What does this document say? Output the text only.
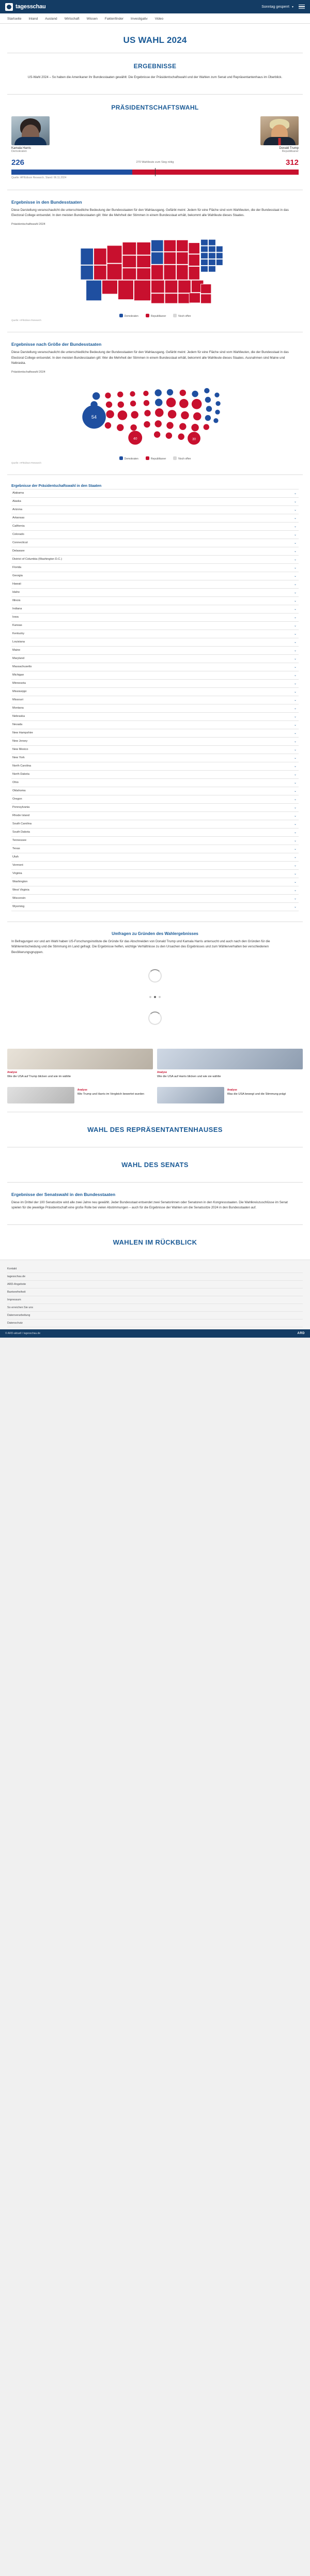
tagesschau	Sonntag gesperrt ▾
Startseite Inland Ausland Wirtschaft Wissen Faktenfinder Investigativ Video
US WAHL 2024
ERGEBNISSE

US-Wahl 2024 – So haben die Amerikaner ihr Bundesstaaten gewählt: Die Ergebnisse der Präsidentschaftswahl und der Wahlen zum Senat und Repräsentantenhaus im Überblick.

PRÄSIDENTSCHAFTSWAHL
Kamala Harris
Demokraten
Donald Trump
Republikaner
226	270 Wahlleute zum Sieg nötig	312
Quelle: AP/Edison Research, Stand: 06.11.2024
Ergebnisse in den Bundesstaaten

Diese Darstellung veranschaulicht die unterschiedliche Bedeutung der Bundesstaaten für den Wahlausgang. Gefärbt meint: Jedem für eine Fläche sind vom Wahlleuten, die der Bundesstaat in das Electoral College entsendet. In den meisten Bundesstaaten gilt: Wer die Mehrheit der Stimmen in einem Bundesstaat erhält, bekommt alle Wahlleute dieses Staates.

Präsidentschaftswahl 2024
Demokraten	Republikaner	Noch offen
Quelle: AP/Edison Research
Ergebnisse nach Größe der Bundesstaaten

Diese Darstellung veranschaulicht die unterschiedliche Bedeutung der Bundesstaaten für den Wahlausgang. Gefärbt meint: Jedem für eine Fläche sind vom Wahlleuten, die der Bundesstaat in das Electoral College entsendet. In den meisten Bundesstaaten gilt: Wer die Mehrheit der Stimmen in einem Bundesstaat erhält, bekommt alle Wahlleute dieses Staates. Ausnahmen sind Maine und Nebraska.

Präsidentschaftswahl 2024
54
40	30
Demokraten	Republikaner	Noch offen
Quelle: AP/Edison Research
Ergebnisse der Präsidentschaftswahl in den Staaten
Alabama	⌄
Alaska	⌄
Arizona	⌄
Arkansas	⌄
California	⌄
Colorado	⌄
Connecticut	⌄
Delaware	⌄
District of Columbia (Washington D.C.)	⌄
Florida	⌄
Georgia	⌄
Hawaii	⌄
Idaho	⌄
Illinois	⌄
Indiana	⌄
Iowa	⌄
Kansas	⌄
Kentucky	⌄
Louisiana	⌄
Maine	⌄
Maryland	⌄
Massachusetts	⌄
Michigan	⌄
Minnesota	⌄
Mississippi	⌄
Missouri	⌄
Montana	⌄
Nebraska	⌄
Nevada	⌄
New Hampshire	⌄
New Jersey	⌄
New Mexico	⌄
New York	⌄
North Carolina	⌄
North Dakota	⌄
Ohio	⌄
Oklahoma	⌄
Oregon	⌄
Pennsylvania	⌄
Rhode Island	⌄
South Carolina	⌄
South Dakota	⌄
Tennessee	⌄
Texas	⌄
Utah	⌄
Vermont	⌄
Virginia	⌄
Washington	⌄
West Virginia	⌄
Wisconsin	⌄
Wyoming	⌄
Umfragen zu Gründen des Wahlergebnisses

In Befragungen vor und am Wahl haben US-Forschungsinstitute die Gründe für das Abschneiden von Donald Trump und Kamala Harris untersucht und auch nach den Gründen für die Wählerentscheidung und die Stimmung im Land gefragt. Die Ergebnisse helfen, wichtige Verhältnisse zu den Ursachen des Ergebnisses und zum Wählerverhalten bei verschiedenen Bevölkerungsgruppen.

Analyse
Wie die USA auf Trump blicken und wie im wählte
Analyse
Wie die USA auf Harris blicken und wie sie wählte
Analyse
Wie Trump und Harris im Vergleich bewertet wurden
Analyse
Was die USA bewegt und die Stimmung prägt
WAHL DES REPRÄSENTANTENHAUSES
WAHL DES SENATS
Ergebnisse der Senatswahl in den Bundesstaaten

Diese im Drittel der 100 Senatssitze wird alle zwei Jahre neu gewählt. Jeder Bundesstaat entsendet zwei Senatorinnen oder Senatoren in den Kongressstaaten. Die Wahlkreiszuschlüsse im Senat spielen für die jeweilige Präsidentschaft eine große Rolle bei vielen Abstimmungen – auch für die Ergebnisse der Wahlen um die Senatssitze 2024 in den Bundesstaaten auf.

WAHLEN IM RÜCKBLICK
Kontakt
tagesschau.de
ARD-Angebote
Barrierefreiheit
Impressum
So erreichen Sie uns
Datenverarbeitung
Datenschutz
© ARD-aktuell / tagesschau.de	ARD
